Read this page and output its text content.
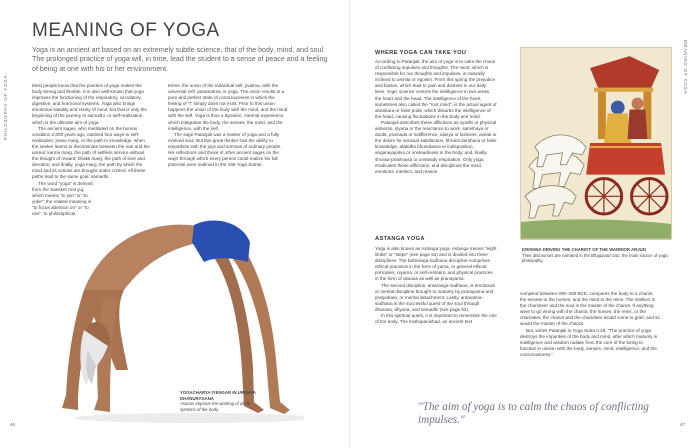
PHILOSOPHY OF YOGA
MEANING OF YOGA

Yoga is an ancient art based on an extremely subtle science, that of the body, mind, and soul. The prolonged practice of yoga will, in time, lead the student to a sense of peace and a feeling of being at one with his or her environment.

Most people know that the practice of yoga makes the body strong and flexible. It is also well known that yoga improves the functioning of the respiratory, circulatory, digestive, and hormonal systems. Yoga also brings emotional stability and clarity of mind, but that is only the beginning of the journey to samadhi, or self-realization, which is the ultimate aim of yoga.

The ancient sages, who meditated on the human condition 2,000 years ago, outlined four ways to self-realization: jnana marg, or the path to knowledge, when the seeker learns to discriminate between the real and the unreal; karma marg, the path of selfless service without the thought of reward; bhakti marg, the path of love and devotion; and finally, yoga marg, the path by which the mind and its actions are brought under control. All these paths lead to the same goal: samadhi.

The word "yoga" is derived from the Sanskrit root yuj, which means "to join" or "to yoke"; the related meaning is "to focus attention on" or "to use". In philosophical

terms, the union of the individual self, jivatma, with the universal self, paramatma, is yoga. The union results in a pure and perfect state of consciousness in which the feeling of "I" simply does not exist. Prior to this union happens the union of the body with the mind, and the mind with the self. Yoga is thus a dynamic, internal experience, which integrates the body, the senses, the mind, and the intelligence, with the self.

The sage Patanjali was a master of yoga and a fully evolved soul. But this great thinker had the ability to empathize with the joys and sorrows of ordinary people. His reflections and those of other ancient sages on the ways through which every person could realize his full potential were outlined in the 196 Yoga Sutras.

YOGACHARYA IYENGAR IN URDHVA DHANURASANA
Asanas improve the working of all the systems of the body.
46
WHERE YOGA CAN TAKE YOU

According to Patanjali, the aim of yoga is to calm the chaos of conflicting impulses and thoughts. The mind, which is responsible for our thoughts and impulses, is naturally inclined to asmita or egoism. From this spring the prejudice and biases, which lead to pain and distress in our daily lives. Yogic science centres the intelligence in two areas: the heart and the head. The intelligence of the heart, sometimes also called the "root mind", is the actual agent of ahankara or false pride, which disturbs the intelligence of the head, causing fluctuations in the body and mind.

Patanjali describes these afflictions as vyadhi or physical ailments, styana or the reluctance to work, samshaya or doubt, pramada or indifference, alasya or laziness, avirati or the desire for sensual satisfaction, bhranti darshana or false knowledge, alabdha bhumikatva or indisposition, anganejayatva or unsteadiness in the body, and, finally, shvasa-prashvasa or unsteady respiration. Only yoga eradicates these afflictions, and disciplines the mind, emotions, intellect, and reason.

ASTANGA YOGA

Yoga is also known as Astanga yoga. Astanga means "eight limbs" or "steps" (see page 52) and is divided into three disciplines. The bahiranga-sadhana discipline comprises ethical practices in the form of yama, or general ethical principles, niyama, or self-restraint, and physical practices in the form of asanas as well as pranayama.

The second discipline, antaranga-sadhana, is emotional or mental discipline brought to maturity by pranayama and pratyahara, or mental detachment. Lastly, antaratma-sadhana is the successful quest of the soul through dharana, dhyana, and samadhi (see page 52).

In this spiritual quest, it is important to remember the role of the body. The Kathopanishad, an ancient text

compiled between 300–400 BCE, compares the body to a chariot, the senses to the horses, and the mind to the reins. The intellect is the charioteer and the soul is the master of the chariot. If anything were to go wrong with the chariot, the horses, the reins, or the charioteer, the chariot and the charioteer would come to grief, and so would the master of the chariot.

But, writes Patanjali in Yoga Sutra II.28, "The practice of yoga destroys the impurities of the body and mind, after which maturity in intelligence and wisdom radiate from the core of the being to function in unison with the body, senses, mind, intelligence, and the consciousness."

KRISHNA DRIVING THE CHARIOT OF THE WARRIOR ARJUN
Their discourses are narrated in the Bhagavad Gita, the main source of yogic philosophy.
MEANING OF YOGA

"The aim of yoga is to calm the chaos of conflicting impulses."	47
